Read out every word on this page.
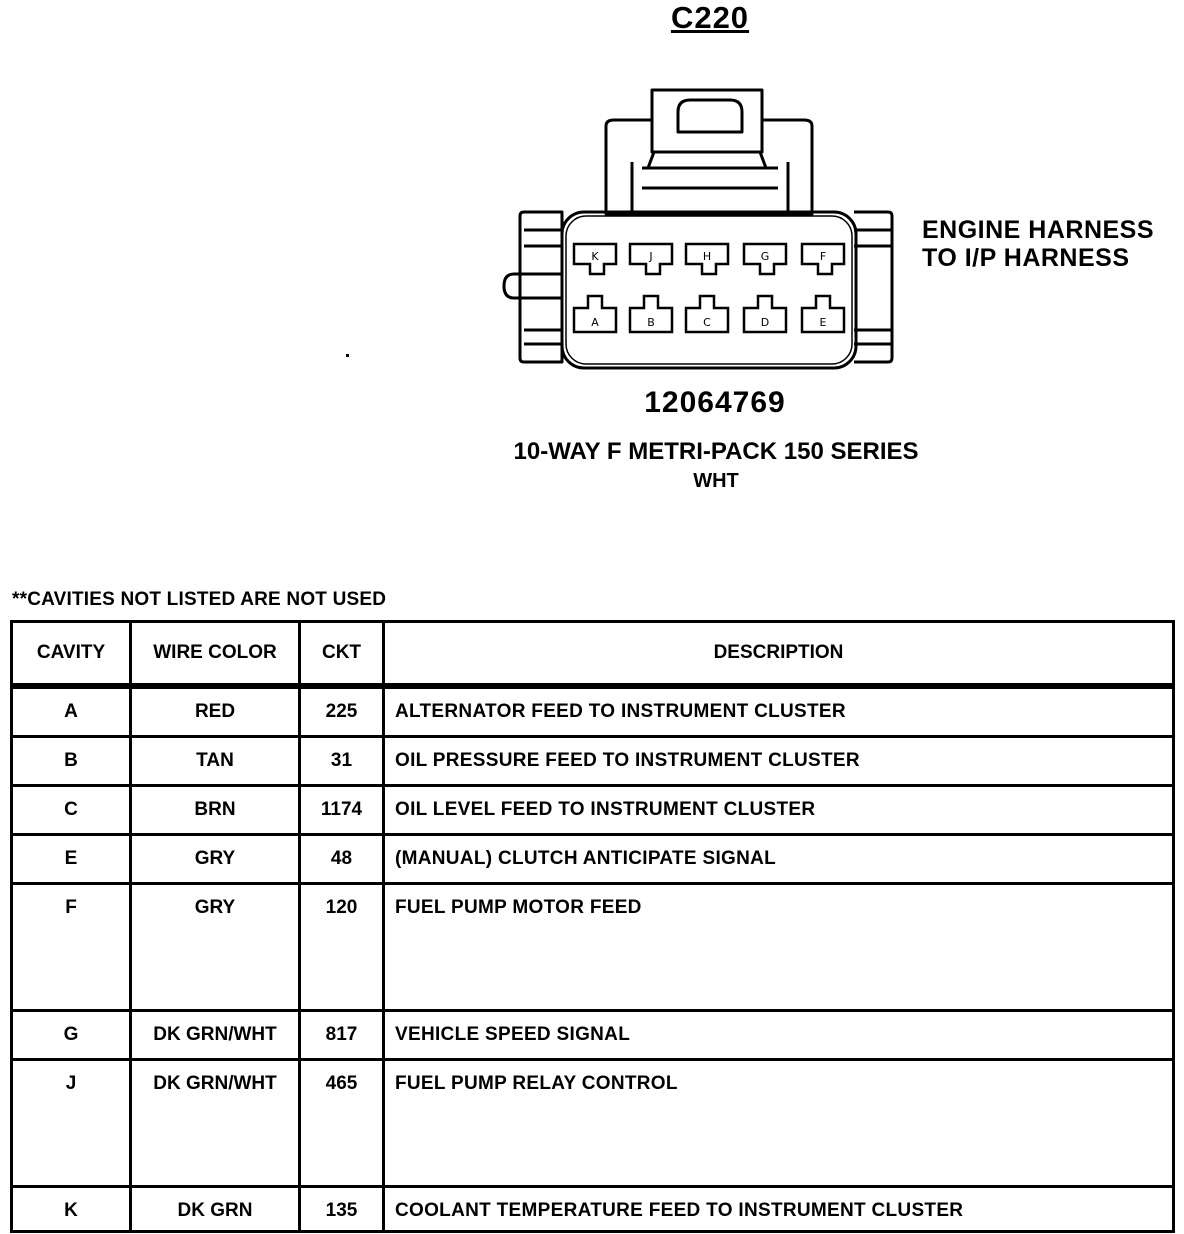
C220
K	J	H	G	F
A	B	C	D	E
ENGINE HARNESS
TO I/P HARNESS
12064769
10-WAY F METRI-PACK 150 SERIES
WHT
**CAVITIES NOT LISTED ARE NOT USED
CAVITY	WIRE COLOR	CKT	DESCRIPTION
A	RED	225	ALTERNATOR FEED TO INSTRUMENT CLUSTER
B	TAN	31	OIL PRESSURE FEED TO INSTRUMENT CLUSTER
C	BRN	1174	OIL LEVEL FEED TO INSTRUMENT CLUSTER
E	GRY	48	(MANUAL) CLUTCH ANTICIPATE SIGNAL
F	GRY	120	FUEL PUMP MOTOR FEED
G	DK GRN/WHT	817	VEHICLE SPEED SIGNAL
J	DK GRN/WHT	465	FUEL PUMP RELAY CONTROL
K	DK GRN	135	COOLANT TEMPERATURE FEED TO INSTRUMENT CLUSTER
